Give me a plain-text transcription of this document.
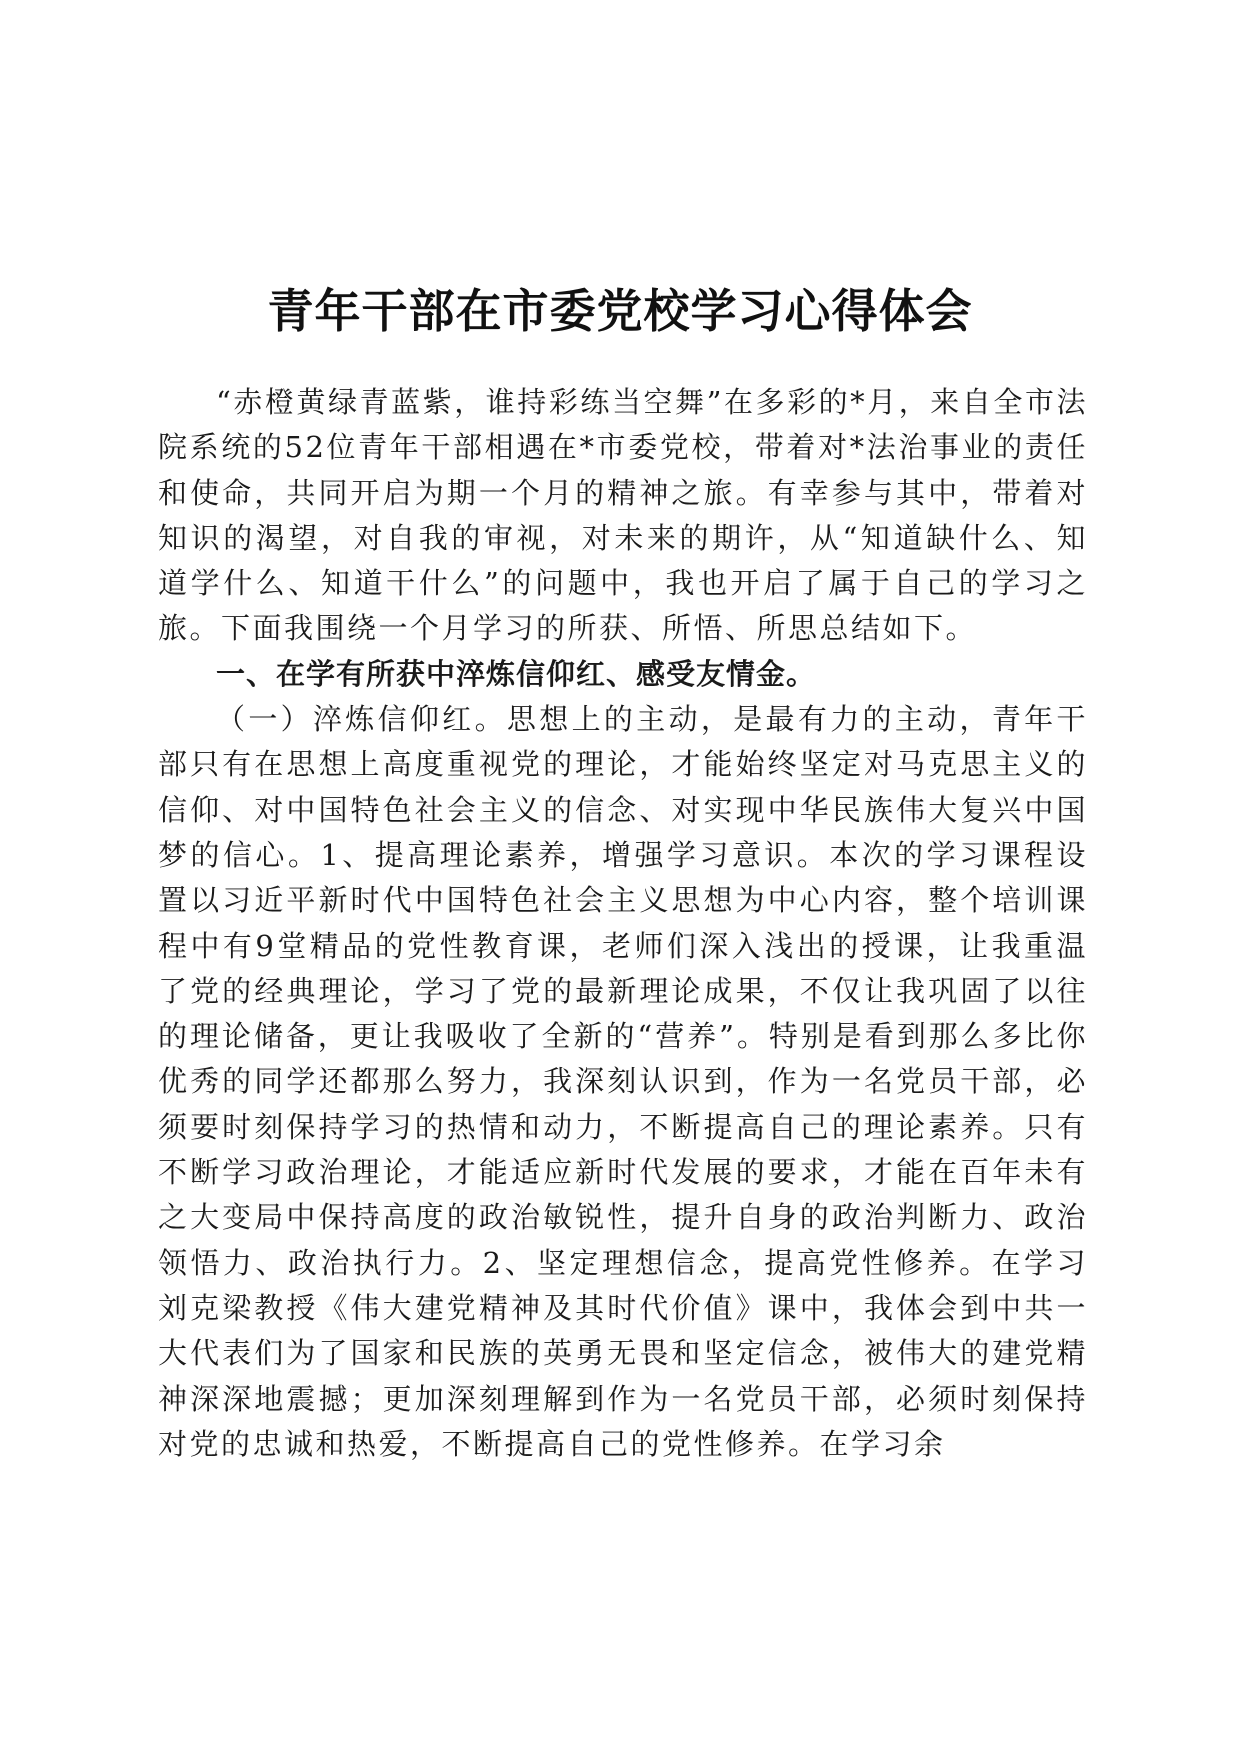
青年干部在市委党校学习心得体会

“赤橙黄绿青蓝紫，谁持彩练当空舞”在多彩的*月，来自全市法院系统的52位青年干部相遇在*市委党校，带着对*法治事业的责任和使命，共同开启为期一个月的精神之旅。有幸参与其中，带着对知识的渴望，对自我的审视，对未来的期许，从“知道缺什么、知道学什么、知道干什么”的问题中，我也开启了属于自己的学习之旅。下面我围绕一个月学习的所获、所悟、所思总结如下。

一、在学有所获中淬炼信仰红、感受友情金。

（一）淬炼信仰红。思想上的主动，是最有力的主动，青年干部只有在思想上高度重视党的理论，才能始终坚定对马克思主义的信仰、对中国特色社会主义的信念、对实现中华民族伟大复兴中国梦的信心。1、提高理论素养，增强学习意识。本次的学习课程设置以习近平新时代中国特色社会主义思想为中心内容，整个培训课程中有9堂精品的党性教育课，老师们深入浅出的授课，让我重温了党的经典理论，学习了党的最新理论成果，不仅让我巩固了以往的理论储备，更让我吸收了全新的“营养”。特别是看到那么多比你优秀的同学还都那么努力，我深刻认识到，作为一名党员干部，必须要时刻保持学习的热情和动力，不断提高自己的理论素养。只有不断学习政治理论，才能适应新时代发展的要求，才能在百年未有之大变局中保持高度的政治敏锐性，提升自身的政治判断力、政治领悟力、政治执行力。2、坚定理想信念，提高党性修养。在学习刘克梁教授《伟大建党精神及其时代价值》课中，我体会到中共一大代表们为了国家和民族的英勇无畏和坚定信念，被伟大的建党精神深深地震撼；更加深刻理解到作为一名党员干部，必须时刻保持对党的忠诚和热爱，不断提高自己的党性修养。在学习余
